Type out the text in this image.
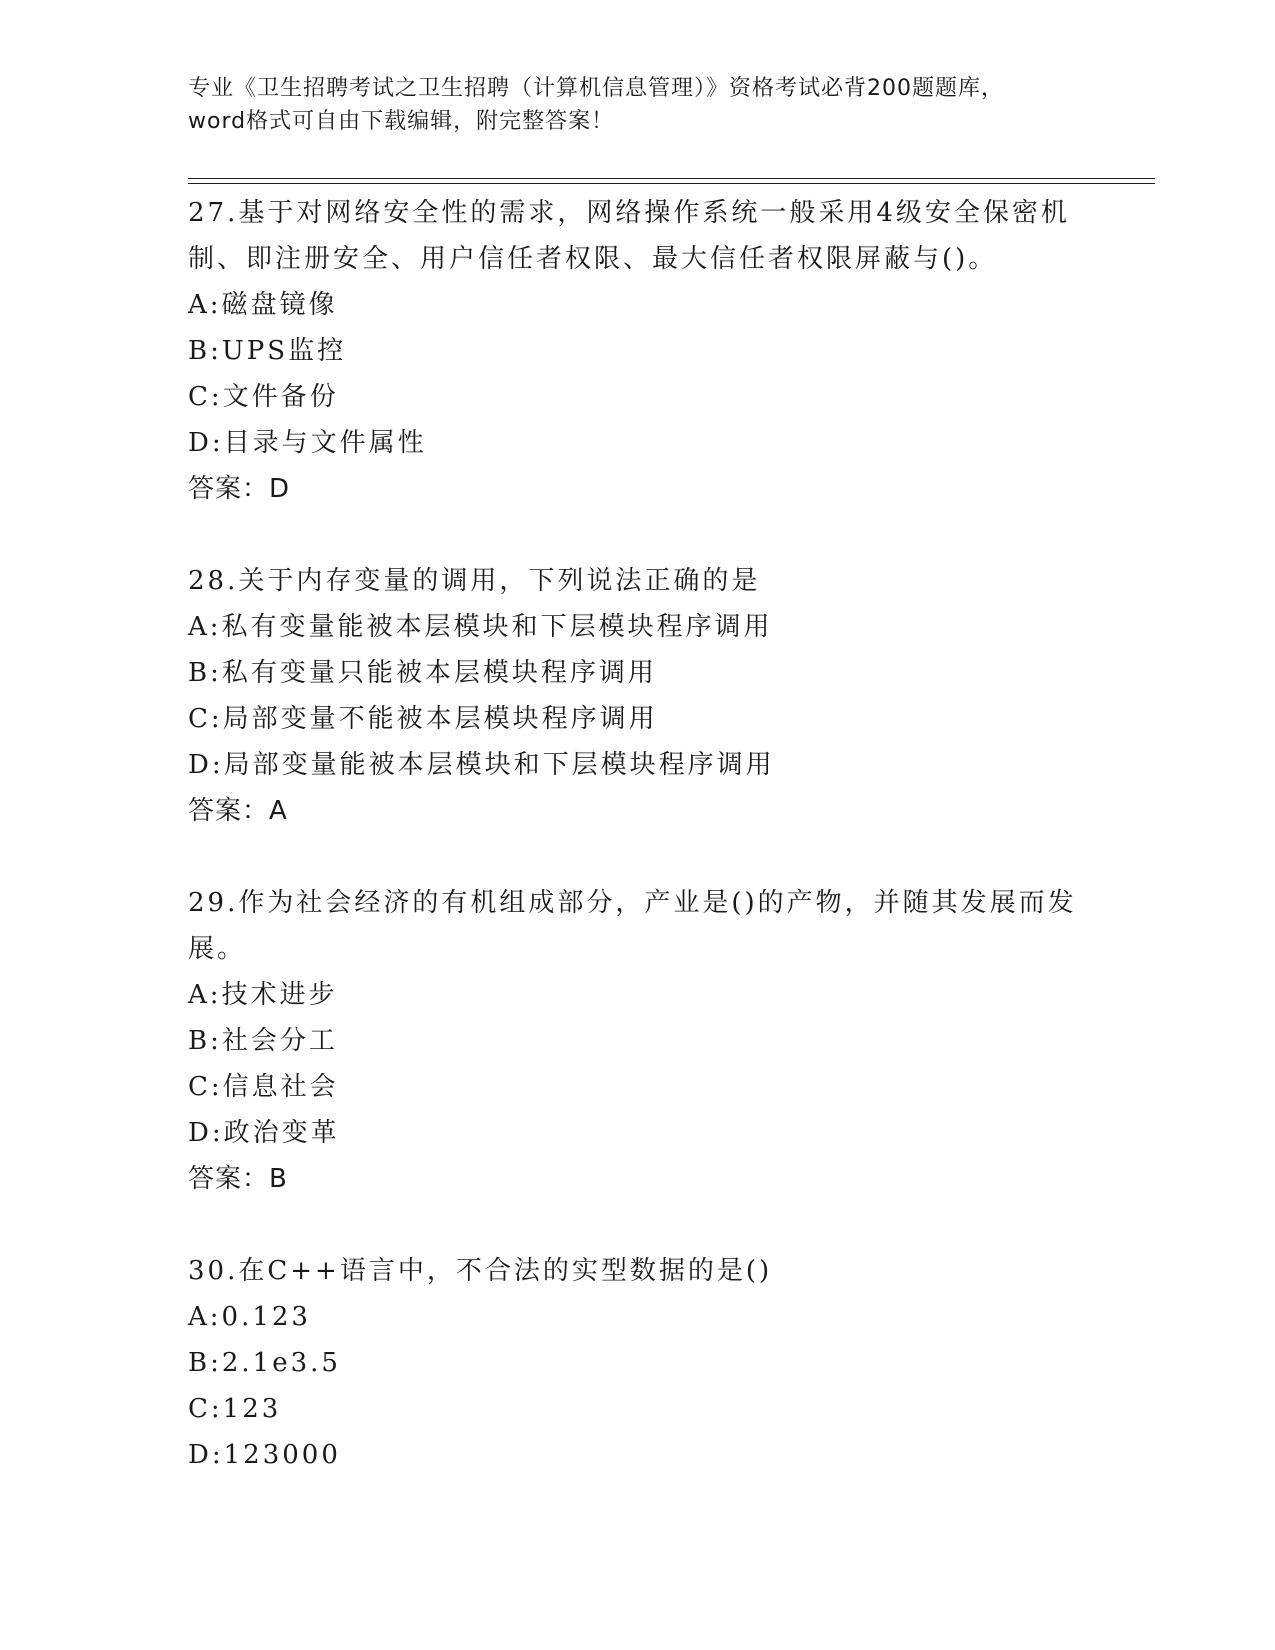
专业《卫生招聘考试之卫生招聘（计算机信息管理）》资格考试必背200题题库，
word格式可自由下载编辑，附完整答案！

27.基于对网络安全性的需求，网络操作系统一般采用4级安全保密机

制、即注册安全、用户信任者权限、最大信任者权限屏蔽与()。

A:磁盘镜像

B:UPS监控

C:文件备份

D:目录与文件属性

答案：D

28.关于内存变量的调用，下列说法正确的是

A:私有变量能被本层模块和下层模块程序调用

B:私有变量只能被本层模块程序调用

C:局部变量不能被本层模块程序调用

D:局部变量能被本层模块和下层模块程序调用

答案：A

29.作为社会经济的有机组成部分，产业是()的产物，并随其发展而发

展。

A:技术进步

B:社会分工

C:信息社会

D:政治变革

答案：B

30.在C++语言中，不合法的实型数据的是()

A:0.123

B:2.1e3.5

C:123

D:123000
